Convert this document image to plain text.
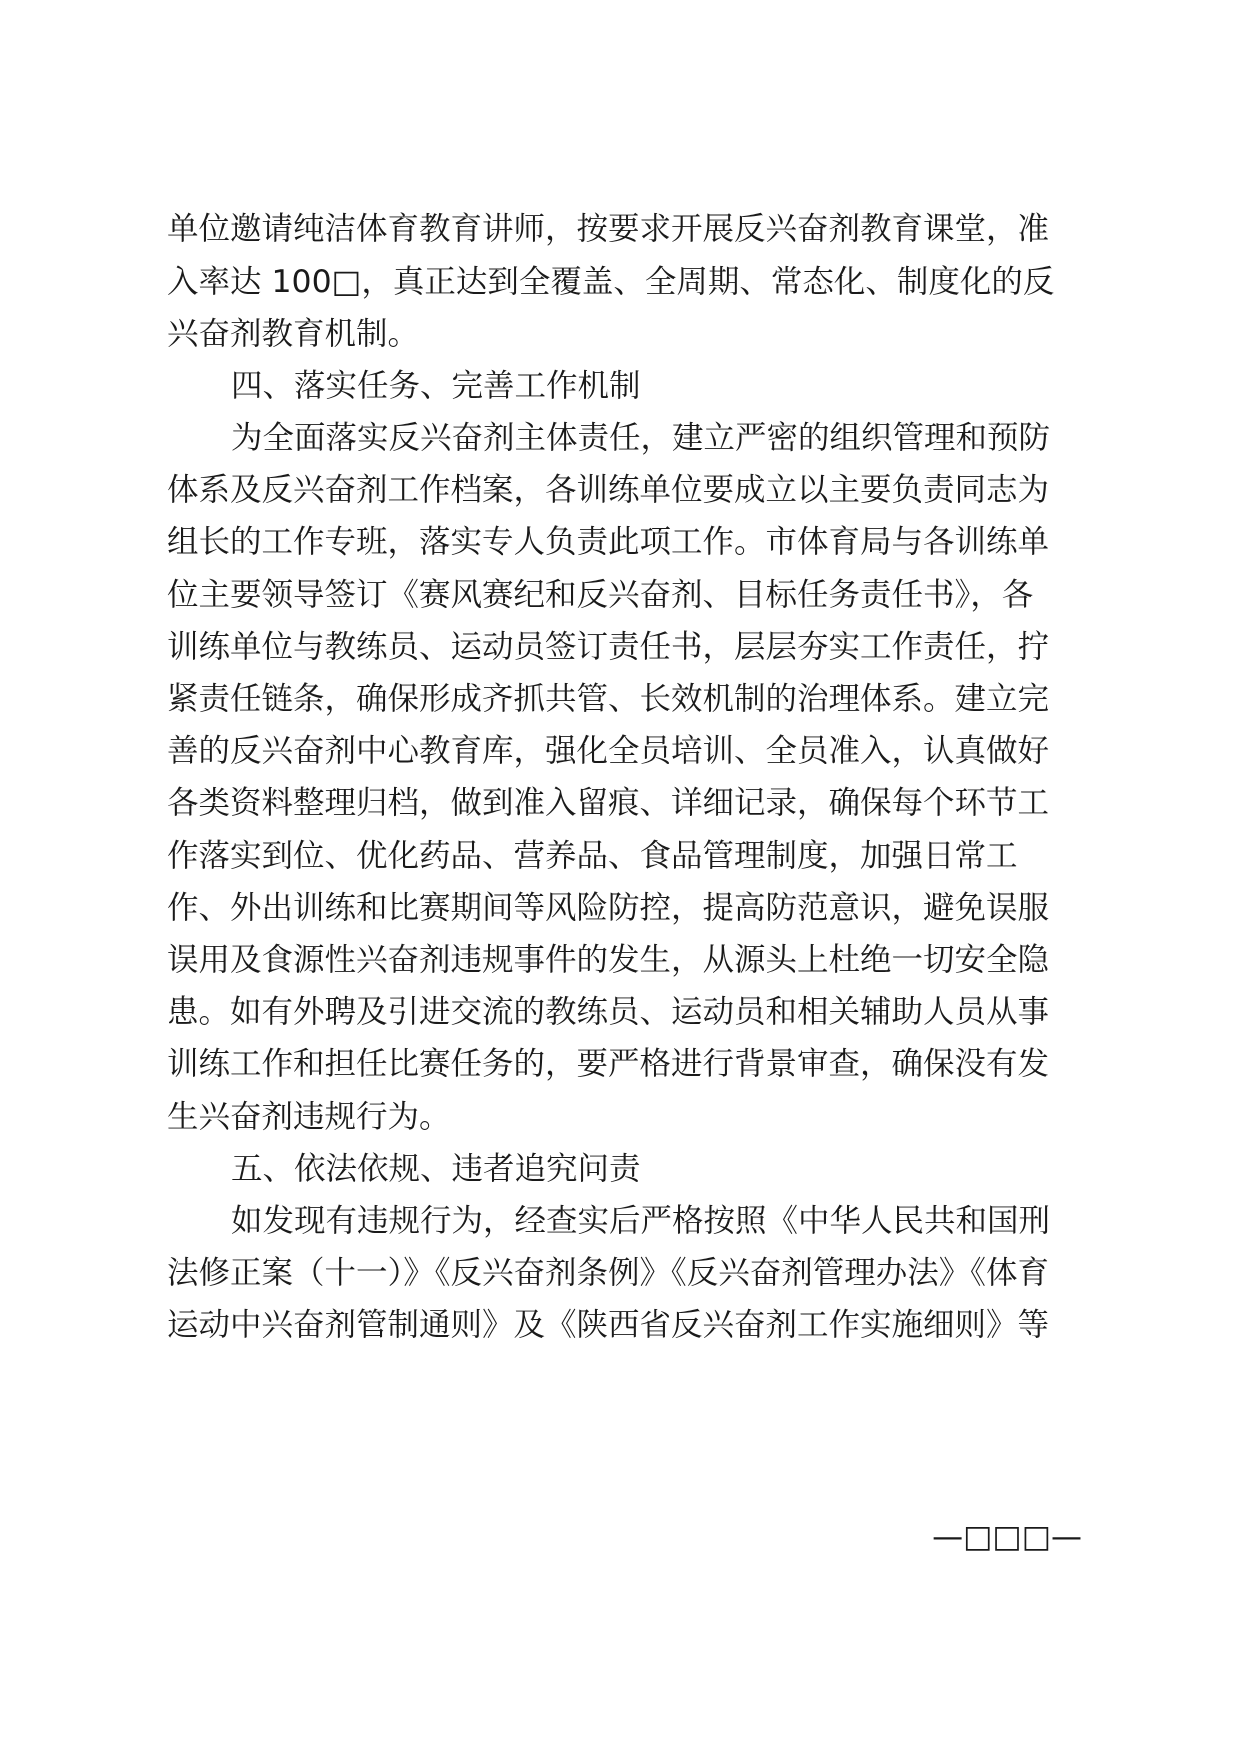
单位邀请纯洁体育教育讲师，按要求开展反兴奋剂教育课堂，准
入率达 100□，真正达到全覆盖、全周期、常态化、制度化的反
兴奋剂教育机制。
四、落实任务、完善工作机制
为全面落实反兴奋剂主体责任，建立严密的组织管理和预防
体系及反兴奋剂工作档案，各训练单位要成立以主要负责同志为
组长的工作专班，落实专人负责此项工作。市体育局与各训练单
位主要领导签订《赛风赛纪和反兴奋剂、目标任务责任书》，各
训练单位与教练员、运动员签订责任书，层层夯实工作责任，拧
紧责任链条，确保形成齐抓共管、长效机制的治理体系。建立完
善的反兴奋剂中心教育库，强化全员培训、全员准入，认真做好
各类资料整理归档，做到准入留痕、详细记录，确保每个环节工
作落实到位、优化药品、营养品、食品管理制度，加强日常工
作、外出训练和比赛期间等风险防控，提高防范意识，避免误服
误用及食源性兴奋剂违规事件的发生，从源头上杜绝一切安全隐
患。如有外聘及引进交流的教练员、运动员和相关辅助人员从事
训练工作和担任比赛任务的，要严格进行背景审查，确保没有发
生兴奋剂违规行为。
五、依法依规、违者追究问责
如发现有违规行为，经查实后严格按照《中华人民共和国刑
法修正案（十一）》《反兴奋剂条例》《反兴奋剂管理办法》《体育
运动中兴奋剂管制通则》及《陕西省反兴奋剂工作实施细则》等
—□□□—
